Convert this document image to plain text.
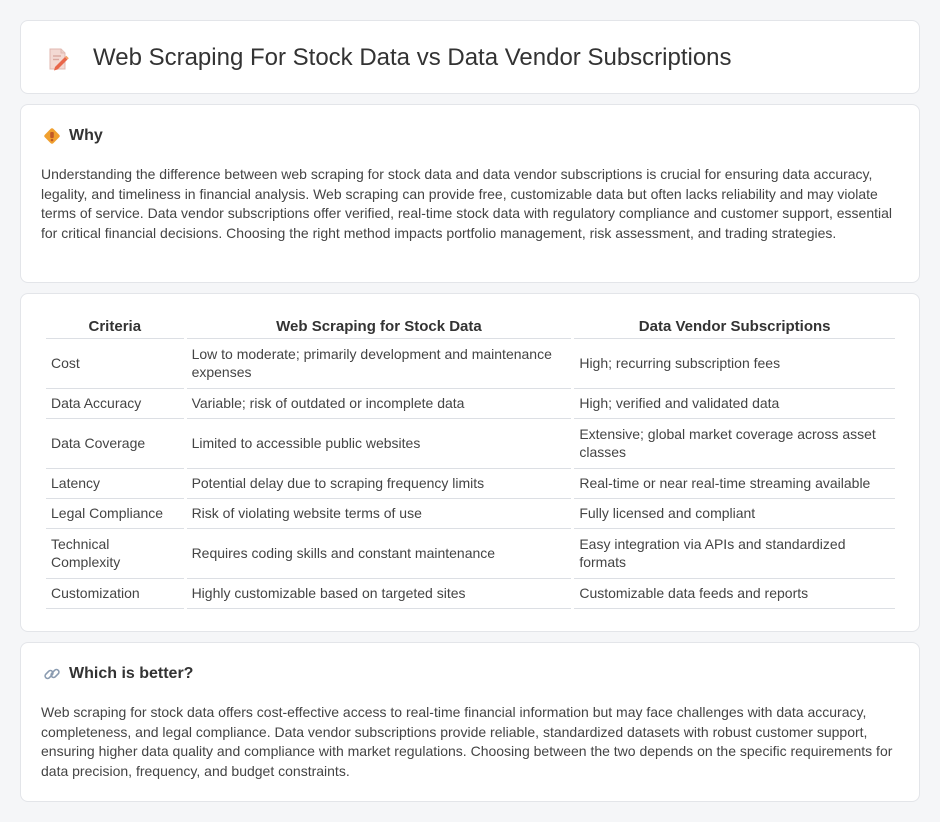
Web Scraping For Stock Data vs Data Vendor Subscriptions
Why

Understanding the difference between web scraping for stock data and data vendor subscriptions is crucial for ensuring data accuracy, legality, and timeliness in financial analysis. Web scraping can provide free, customizable data but often lacks reliability and may violate terms of service. Data vendor subscriptions offer verified, real-time stock data with regulatory compliance and customer support, essential for critical financial decisions. Choosing the right method impacts portfolio management, risk assessment, and trading strategies.

Criteria	Web Scraping for Stock Data	Data Vendor Subscriptions
Cost	Low to moderate; primarily development and maintenance expenses	High; recurring subscription fees
Data Accuracy	Variable; risk of outdated or incomplete data	High; verified and validated data
Data Coverage	Limited to accessible public websites	Extensive; global market coverage across asset classes
Latency	Potential delay due to scraping frequency limits	Real-time or near real-time streaming available
Legal Compliance	Risk of violating website terms of use	Fully licensed and compliant
Technical Complexity	Requires coding skills and constant maintenance	Easy integration via APIs and standardized formats
Customization	Highly customizable based on targeted sites	Customizable data feeds and reports
Which is better?

Web scraping for stock data offers cost-effective access to real-time financial information but may face challenges with data accuracy, completeness, and legal compliance. Data vendor subscriptions provide reliable, standardized datasets with robust customer support, ensuring higher data quality and compliance with market regulations. Choosing between the two depends on the specific requirements for data precision, frequency, and budget constraints.
